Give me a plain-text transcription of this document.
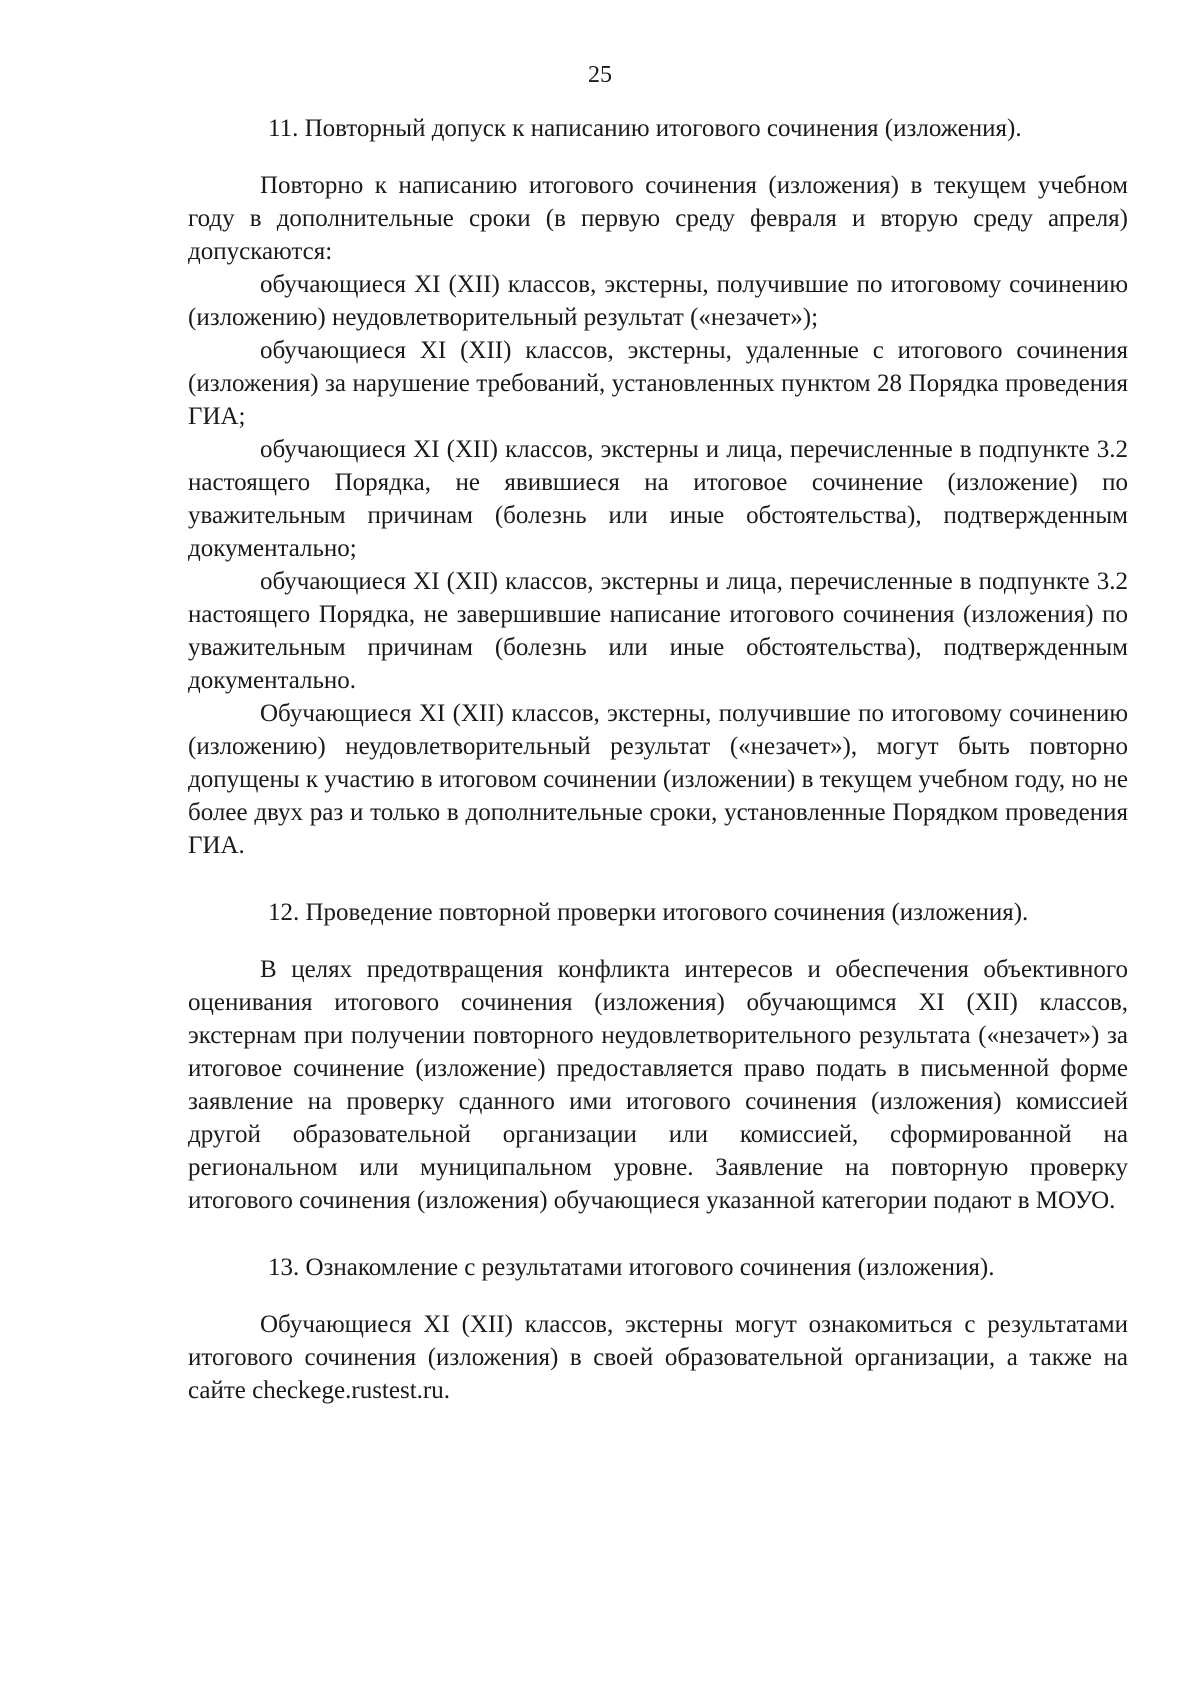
25

11. Повторный допуск к написанию итогового сочинения (изложения).

Повторно к написанию итогового сочинения (изложения) в текущем учебном году в дополнительные сроки (в первую среду февраля и вторую среду апреля) допускаются:

обучающиеся XI (XII) классов, экстерны, получившие по итоговому сочинению (изложению) неудовлетворительный результат («незачет»);

обучающиеся XI (XII) классов, экстерны, удаленные с итогового сочинения (изложения) за нарушение требований, установленных пунктом 28 Порядка проведения ГИА;

обучающиеся XI (XII) классов, экстерны и лица, перечисленные в подпункте 3.2 настоящего Порядка, не явившиеся на итоговое сочинение (изложение) по уважительным причинам (болезнь или иные обстоятельства), подтвержденным документально;

обучающиеся XI (XII) классов, экстерны и лица, перечисленные в подпункте 3.2 настоящего Порядка, не завершившие написание итогового сочинения (изложения) по уважительным причинам (болезнь или иные обстоятельства), подтвержденным документально.

Обучающиеся XI (XII) классов, экстерны, получившие по итоговому сочинению (изложению) неудовлетворительный результат («незачет»), могут быть повторно допущены к участию в итоговом сочинении (изложении) в текущем учебном году, но не более двух раз и только в дополнительные сроки, установленные Порядком проведения ГИА.

12. Проведение повторной проверки итогового сочинения (изложения).

В целях предотвращения конфликта интересов и обеспечения объективного оценивания итогового сочинения (изложения) обучающимся XI (XII) классов, экстернам при получении повторного неудовлетворительного результата («незачет») за итоговое сочинение (изложение) предоставляется право подать в письменной форме заявление на проверку сданного ими итогового сочинения (изложения) комиссией другой образовательной организации или комиссией, сформированной на региональном или муниципальном уровне. Заявление на повторную проверку итогового сочинения (изложения) обучающиеся указанной категории подают в МОУО.

13. Ознакомление с результатами итогового сочинения (изложения).

Обучающиеся XI (XII) классов, экстерны могут ознакомиться с результатами итогового сочинения (изложения) в своей образовательной организации, а также на сайте checkege.rustest.ru.
